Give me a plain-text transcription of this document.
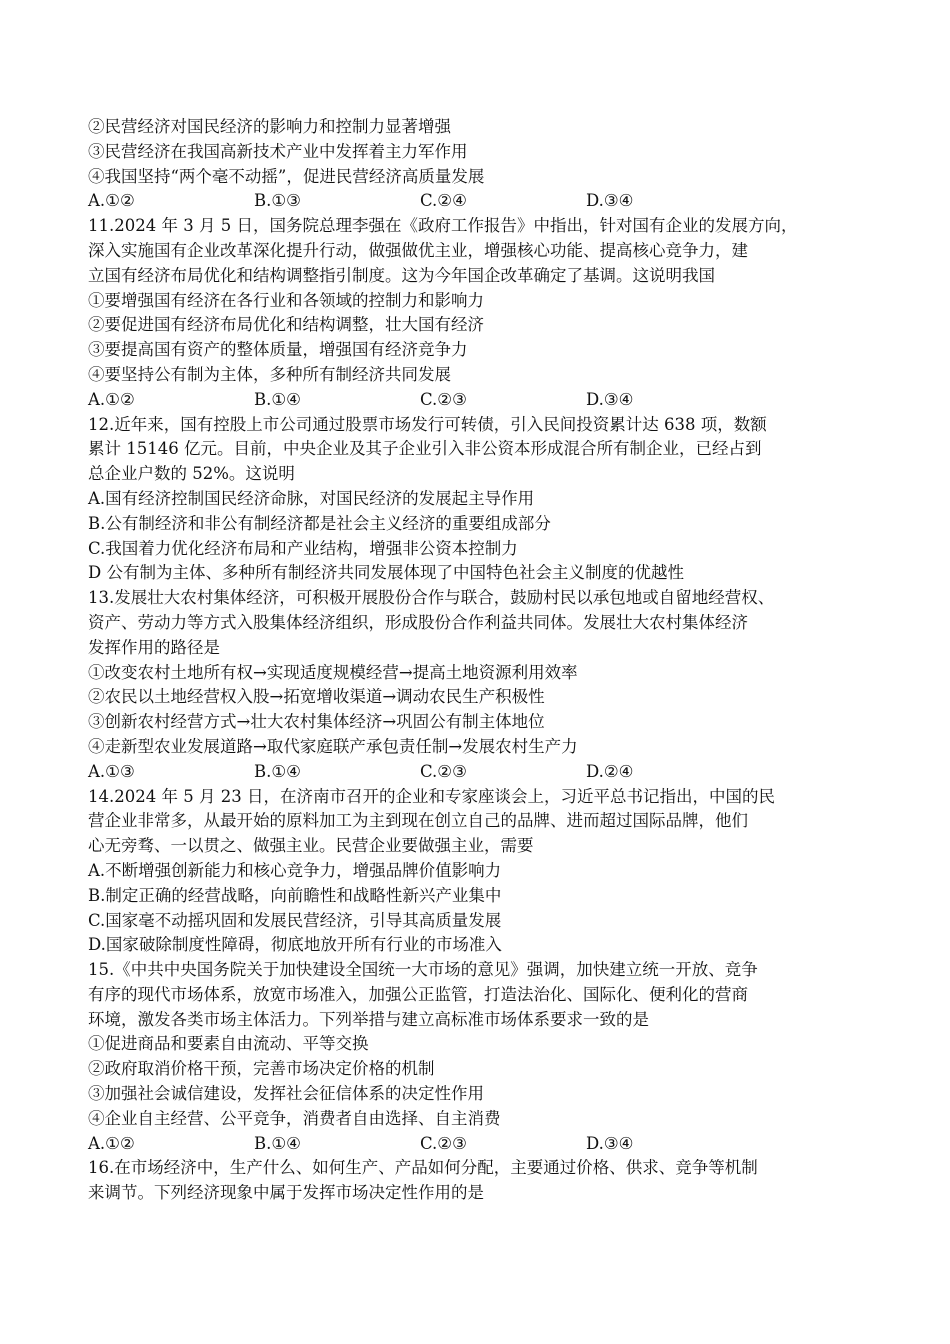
②民营经济对国民经济的影响力和控制力显著增强
③民营经济在我国高新技术产业中发挥着主力军作用
④我国坚持“两个毫不动摇”，促进民营经济高质量发展
A.①②	B.①③	C.②④	D.③④
11.2024 年 3 月 5 日，国务院总理李强在《政府工作报告》中指出，针对国有企业的发展方向，
深入实施国有企业改革深化提升行动，做强做优主业，增强核心功能、提高核心竞争力，建
立国有经济布局优化和结构调整指引制度。这为今年国企改革确定了基调。这说明我国
①要增强国有经济在各行业和各领域的控制力和影响力
②要促进国有经济布局优化和结构调整，壮大国有经济
③要提高国有资产的整体质量，增强国有经济竞争力
④要坚持公有制为主体，多种所有制经济共同发展
A.①②	B.①④	C.②③	D.③④
12.近年来，国有控股上市公司通过股票市场发行可转债，引入民间投资累计达 638 项，数额
累计 15146 亿元。目前，中央企业及其子企业引入非公资本形成混合所有制企业，已经占到
总企业户数的 52%。这说明
A.国有经济控制国民经济命脉，对国民经济的发展起主导作用
B.公有制经济和非公有制经济都是社会主义经济的重要组成部分
C.我国着力优化经济布局和产业结构，增强非公资本控制力
D 公有制为主体、多种所有制经济共同发展体现了中国特色社会主义制度的优越性
13.发展壮大农村集体经济，可积极开展股份合作与联合，鼓励村民以承包地或自留地经营权、
资产、劳动力等方式入股集体经济组织，形成股份合作利益共同体。发展壮大农村集体经济
发挥作用的路径是
①改变农村土地所有权→实现适度规模经营→提高土地资源利用效率
②农民以土地经营权入股→拓宽增收渠道→调动农民生产积极性
③创新农村经营方式→壮大农村集体经济→巩固公有制主体地位
④走新型农业发展道路→取代家庭联产承包责任制→发展农村生产力
A.①③	B.①④	C.②③	D.②④
14.2024 年 5 月 23 日，在济南市召开的企业和专家座谈会上，习近平总书记指出，中国的民
营企业非常多，从最开始的原料加工为主到现在创立自己的品牌、进而超过国际品牌，他们
心无旁骛、一以贯之、做强主业。民营企业要做强主业，需要
A.不断增强创新能力和核心竞争力，增强品牌价值影响力
B.制定正确的经营战略，向前瞻性和战略性新兴产业集中
C.国家毫不动摇巩固和发展民营经济，引导其高质量发展
D.国家破除制度性障碍，彻底地放开所有行业的市场准入
15.《中共中央国务院关于加快建设全国统一大市场的意见》强调，加快建立统一开放、竞争
有序的现代市场体系，放宽市场准入，加强公正监管，打造法治化、国际化、便利化的营商
环境，激发各类市场主体活力。下列举措与建立高标准市场体系要求一致的是
①促进商品和要素自由流动、平等交换
②政府取消价格干预，完善市场决定价格的机制
③加强社会诚信建设，发挥社会征信体系的决定性作用
④企业自主经营、公平竞争，消费者自由选择、自主消费
A.①②	B.①④	C.②③	D.③④
16.在市场经济中，生产什么、如何生产、产品如何分配，主要通过价格、供求、竞争等机制
来调节。下列经济现象中属于发挥市场决定性作用的是
